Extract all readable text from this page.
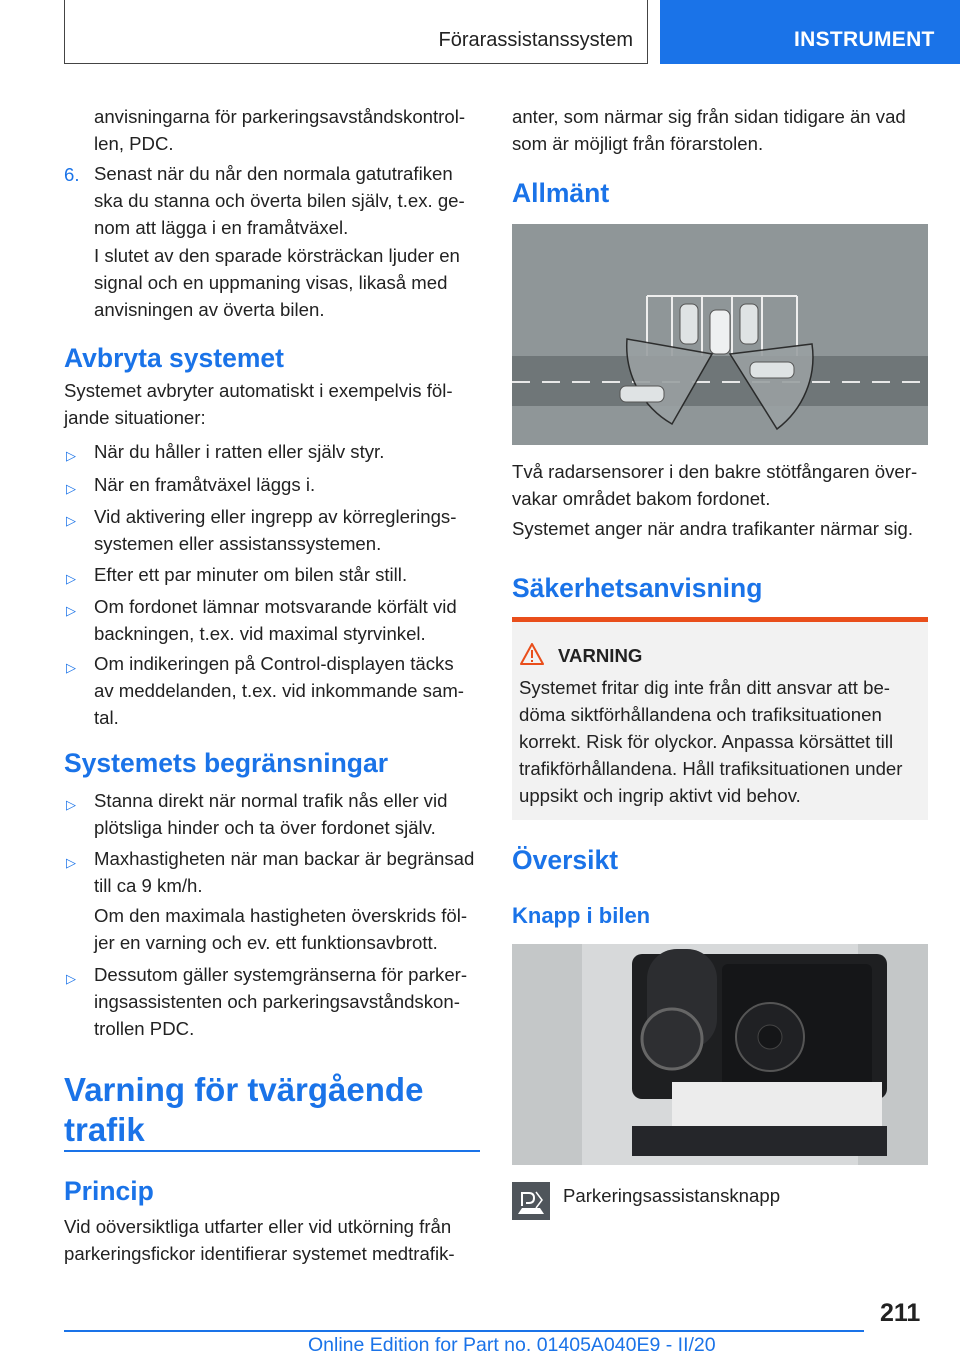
Förarassistanssystem	INSTRUMENT
anvisningarna för parkeringsavståndskontrol-
len, PDC.
6. Senast när du når den normala gatutrafiken
ska du stanna och överta bilen själv, t.ex. ge-
nom att lägga i en framåtväxel.
I slutet av den sparade körsträckan ljuder en
signal och en uppmaning visas, likaså med
anvisningen av överta bilen.
Avbryta systemet
Systemet avbryter automatiskt i exempelvis föl-
jande situationer:
▷ När du håller i ratten eller själv styr.
▷ När en framåtväxel läggs i.
▷ Vid aktivering eller ingrepp av körreglerings-
systemen eller assistanssystemen.
▷ Efter ett par minuter om bilen står still.
▷ Om fordonet lämnar motsvarande körfält vid
backningen, t.ex. vid maximal styrvinkel.
▷ Om indikeringen på Control-displayen täcks
av meddelanden, t.ex. vid inkommande sam-
tal.
Systemets begränsningar
▷ Stanna direkt när normal trafik nås eller vid
plötsliga hinder och ta över fordonet själv.
▷ Maxhastigheten när man backar är begränsad
till ca 9 km/h.
Om den maximala hastigheten överskrids föl-
jer en varning och ev. ett funktionsavbrott.
▷ Dessutom gäller systemgränserna för parker-
ingsassistenten och parkeringsavståndskon-
trollen PDC.
Varning för tvärgående
trafik
Princip
Vid oöversiktliga utfarter eller vid utkörning från
parkeringsfickor identifierar systemet medtrafik-
anter, som närmar sig från sidan tidigare än vad
som är möjligt från förarstolen.
Allmänt
Två radarsensorer i den bakre stötfångaren över-
vakar området bakom fordonet.
Systemet anger när andra trafikanter närmar sig.
Säkerhetsanvisning
VARNING
Systemet fritar dig inte från ditt ansvar att be-
döma siktförhållandena och trafiksituationen
korrekt. Risk för olyckor. Anpassa körsättet till
trafikförhållandena. Håll trafiksituationen under
uppsikt och ingrip aktivt vid behov.
Översikt
Knapp i bilen
Parkeringsassistansknapp
211
Online Edition for Part no. 01405A040E9 - II/20
